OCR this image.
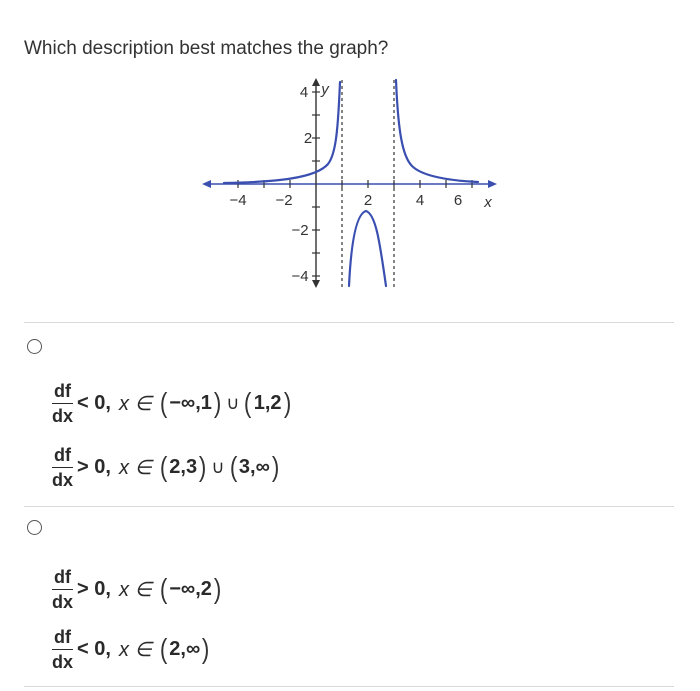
Which description best matches the graph?
−4 −2	2	4 6 x
4
2
−2
−4
y
$\frac{df}{dx} < 0$, x ∈ ( −∞ , 1 ) ∪ ( 1 , 2 )
$\frac{df}{dx} > 0$, x ∈ ( 2 , 3 ) ∪ ( 3 , ∞ )
$\frac{df}{dx} > 0$, x ∈ ( −∞ , 2 )
$\frac{df}{dx} < 0$, x ∈ ( 2 , ∞ )
